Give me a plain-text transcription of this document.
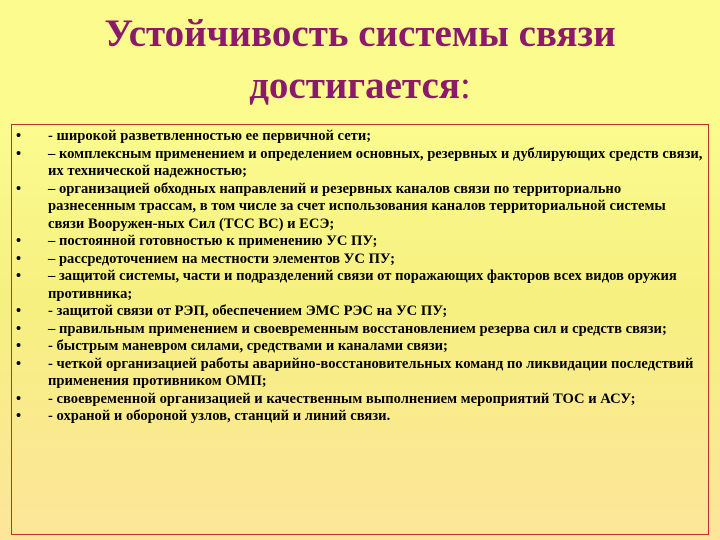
Устойчивость системы связи
достигается:
• - широкой разветвленностью ее первичной сети;
• – комплексным применением и определением основных, резервных и дублирующих средств связи, их технической надежностью;
• – организацией обходных направлений и резервных каналов связи по территориально разнесенным трассам, в том числе за счет использования каналов территориальной системы связи Вооружен-ных Сил (ТСС ВС) и ЕСЭ;
• – постоянной готовностью к применению УС ПУ;
• – рассредоточением на местности элементов УС ПУ;
• – защитой системы, части и подразделений связи от поражающих факторов всех видов оружия противника;
• - защитой связи от РЭП, обеспечением ЭМС РЭС на УС ПУ;
• – правильным применением и своевременным восстановлением резерва сил и средств связи;
• - быстрым маневром силами, средствами и каналами связи;
• - четкой организацией работы аварийно-восстановительных команд по ликвидации последствий применения противником ОМП;
• - своевременной организацией и качественным выполнением мероприятий ТОС и АСУ;
• - охраной и обороной узлов, станций и линий связи.
